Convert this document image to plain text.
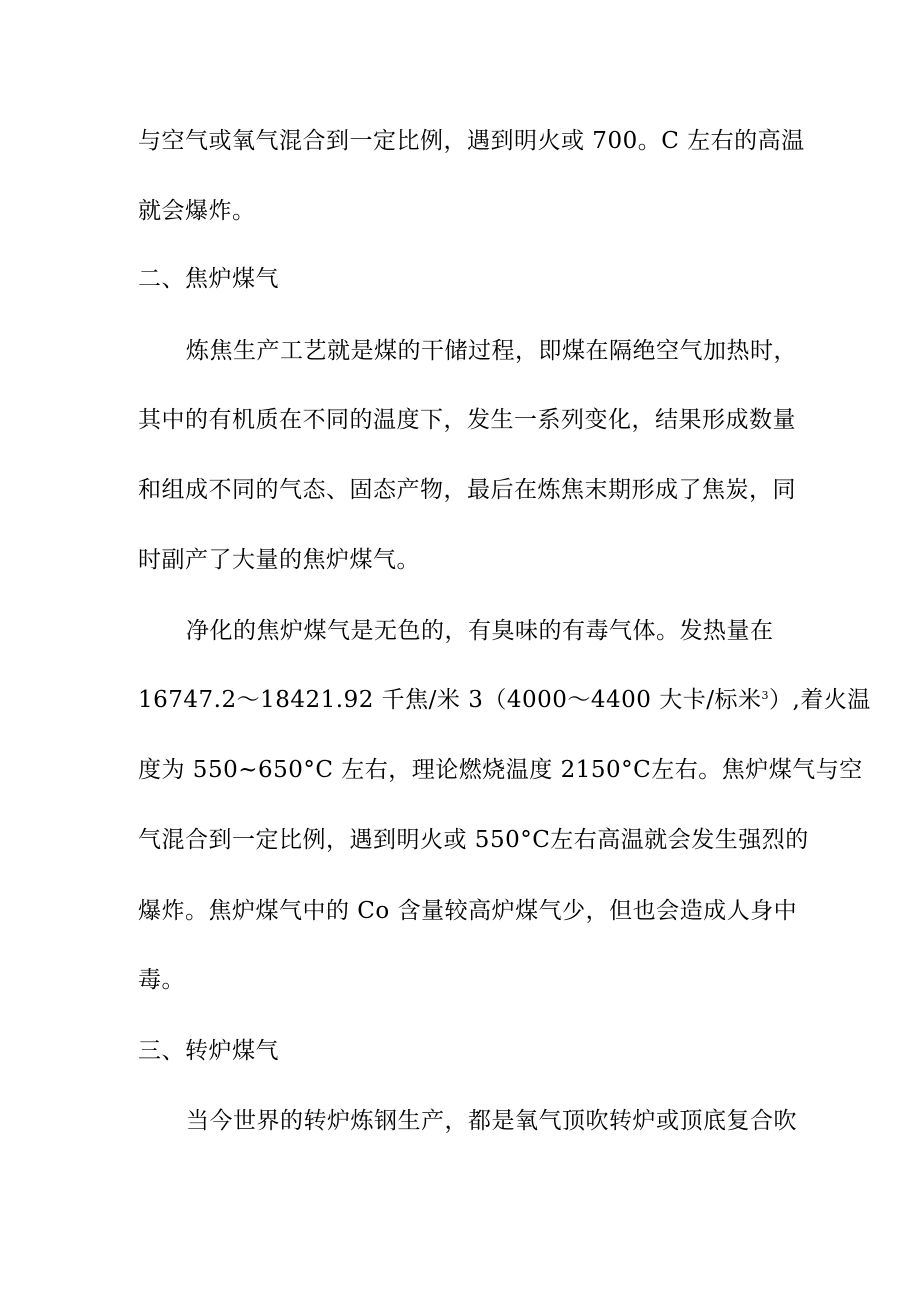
与空气或氧气混合到一定比例，遇到明火或 700。C 左右的高温
就会爆炸。
二、焦炉煤气
炼焦生产工艺就是煤的干储过程，即煤在隔绝空气加热时，
其中的有机质在不同的温度下，发生一系列变化，结果形成数量
和组成不同的气态、固态产物，最后在炼焦末期形成了焦炭，同
时副产了大量的焦炉煤气。
净化的焦炉煤气是无色的，有臭味的有毒气体。发热量在
16747.2～18421.92 千焦/米 3（4000～4400 大卡/标米$^3$）,着火温
度为 550~650°C 左右，理论燃烧温度 2150°C左右。焦炉煤气与空
气混合到一定比例，遇到明火或 550°C左右高温就会发生强烈的
爆炸。焦炉煤气中的 Co 含量较高炉煤气少，但也会造成人身中
毒。
三、转炉煤气
当今世界的转炉炼钢生产，都是氧气顶吹转炉或顶底复合吹
